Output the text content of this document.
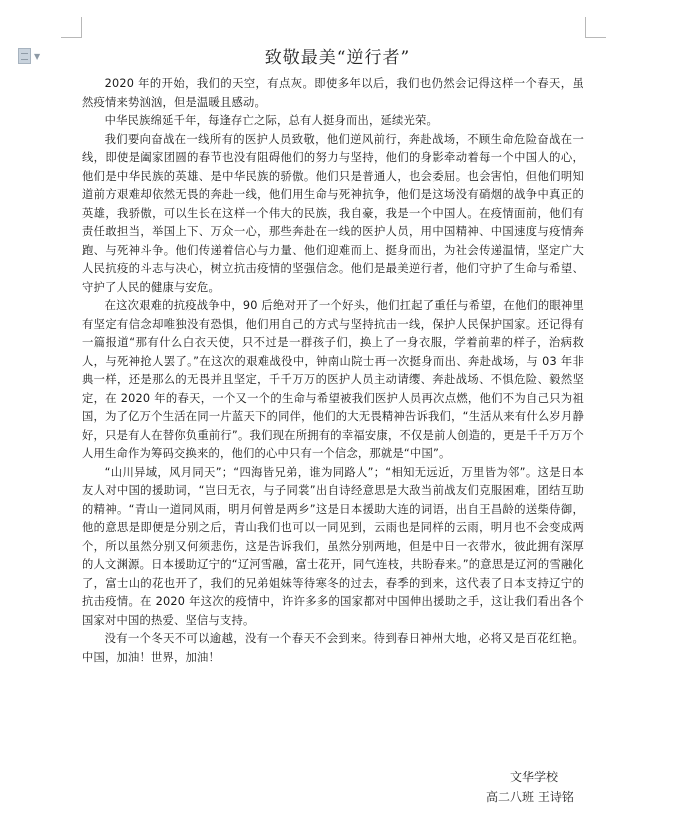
▼	致敬最美“逆行者”

2020 年的开始，我们的天空，有点灰。即使多年以后，我们也仍然会记得这样一个春天，虽然疫情来势汹汹，但是温暖且感动。

中华民族绵延千年，每逢存亡之际，总有人挺身而出，延续光荣。

我们要向奋战在一线所有的医护人员致敬，他们逆风前行，奔赴战场，不顾生命危险奋战在一线，即使是阖家团圆的春节也没有阻碍他们的努力与坚持，他们的身影牵动着每一个中国人的心，他们是中华民族的英雄、是中华民族的骄傲。他们只是普通人，也会委屈。也会害怕，但他们明知道前方艰难却依然无畏的奔赴一线，他们用生命与死神抗争，他们是这场没有硝烟的战争中真正的英雄，我骄傲，可以生长在这样一个伟大的民族，我自豪，我是一个中国人。在疫情面前，他们有责任敢担当，举国上下、万众一心，那些奔赴在一线的医护人员，用中国精神、中国速度与疫情奔跑、与死神斗争。他们传递着信心与力量、他们迎难而上、挺身而出，为社会传递温情，坚定广大人民抗疫的斗志与决心，树立抗击疫情的坚强信念。他们是最美逆行者，他们守护了生命与希望、守护了人民的健康与安危。

在这次艰难的抗疫战争中，90 后绝对开了一个好头，他们扛起了重任与希望，在他们的眼神里有坚定有信念却唯独没有恐惧，他们用自己的方式与坚持抗击一线，保护人民保护国家。还记得有一篇报道“那有什么白衣天使，只不过是一群孩子们，换上了一身衣服，学着前辈的样子，治病救人，与死神抢人罢了。”在这次的艰难战役中，钟南山院士再一次挺身而出、奔赴战场，与 03 年非典一样，还是那么的无畏并且坚定，千千万万的医护人员主动请缨、奔赴战场、不惧危险、毅然坚定，在 2020 年的春天，一个又一个的生命与希望被我们医护人员再次点燃，他们不为自己只为祖国，为了亿万个生活在同一片蓝天下的同伴，他们的大无畏精神告诉我们，“生活从来有什么岁月静好，只是有人在替你负重前行”。我们现在所拥有的幸福安康，不仅是前人创造的，更是千千万万个人用生命作为筹码交换来的，他们的心中只有一个信念，那就是“中国”。

“山川异域，风月同天”；“四海皆兄弟，谁为同路人”；“相知无远近，万里皆为邻”。这是日本友人对中国的援助词，“岂曰无衣，与子同裳”出自诗经意思是大敌当前战友们克服困难，团结互助的精神。“青山一道同风雨，明月何曾是两乡”这是日本援助大连的词语，出自王昌龄的送柴侍御，他的意思是即便是分别之后，青山我们也可以一同见到，云雨也是同样的云雨，明月也不会变成两个，所以虽然分别又何须悲伤，这是告诉我们，虽然分别两地，但是中日一衣带水，彼此拥有深厚的人文渊源。日本援助辽宁的“辽河雪融，富士花开，同气连枝，共盼春来。”的意思是辽河的雪融化了，富士山的花也开了，我们的兄弟姐妹等待寒冬的过去，春季的到来，这代表了日本支持辽宁的抗击疫情。在 2020 年这次的疫情中，许许多多的国家都对中国伸出援助之手，这让我们看出各个国家对中国的热爱、坚信与支持。

没有一个冬天不可以逾越，没有一个春天不会到来。待到春日神州大地，必将又是百花红艳。中国，加油！世界，加油！

文华学校
高二八班 王诗铭
